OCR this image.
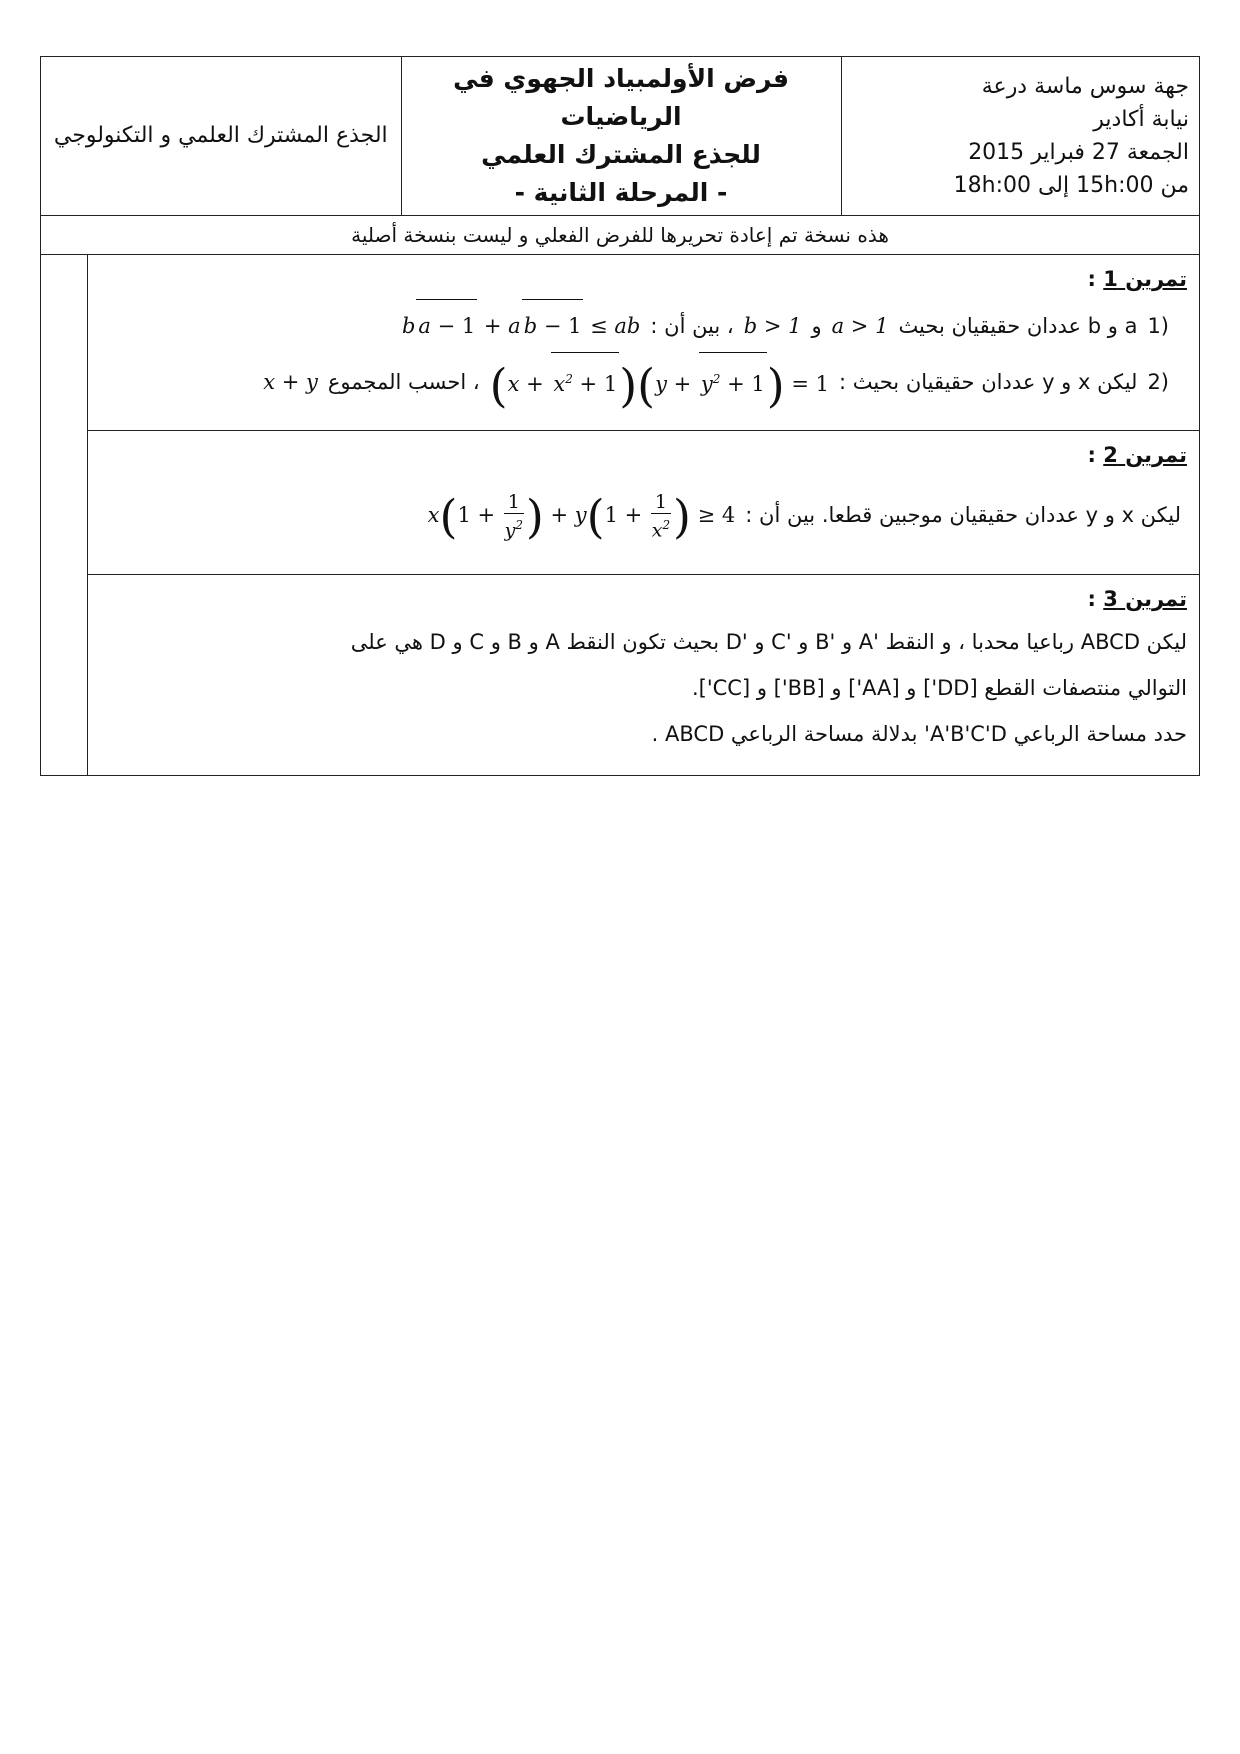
جهة سوس ماسة درعة
نيابة أكادير
الجمعة 27 فبراير 2015
من 15h:00 إلى 18h:00

فرض الأولمبياد الجهوي في الرياضيات
للجذع المشترك العلمي
- المرحلة الثانية -
	الجذع المشترك العلمي و التكنولوجي
هذه نسخة تم إعادة تحريرها للفرض الفعلي و ليست بنسخة أصلية
تمرين 1 :
1)
a و b عددان حقيقيان بحيث
a > 1
و
b > 1
، بين أن :
b a − 1 + a b − 1 ≤ ab
2)
ليكن x و y عددان حقيقيان بحيث :
$(x + x^2 + 1)(y + y^2 + 1) = 1$
، احسب المجموع
x + y
تمرين 2 :
ليكن x و y عددان حقيقيان موجبين قطعا. بين أن :
$x(1 + \frac{1}{y^2}$ ) + $y(1 + \frac{1}{x^2}$ ) ≥ 4
تمرين 3 :
ليكن ABCD رباعيا محدبا ، و النقط 'A و 'B و 'C و 'D بحيث تكون النقط A و B و C و D هي على
التوالي منتصفات القطع [DD'] و [AA'] و [BB'] و [CC'].
حدد مساحة الرباعي A'B'C'D' بدلالة مساحة الرباعي ABCD .
